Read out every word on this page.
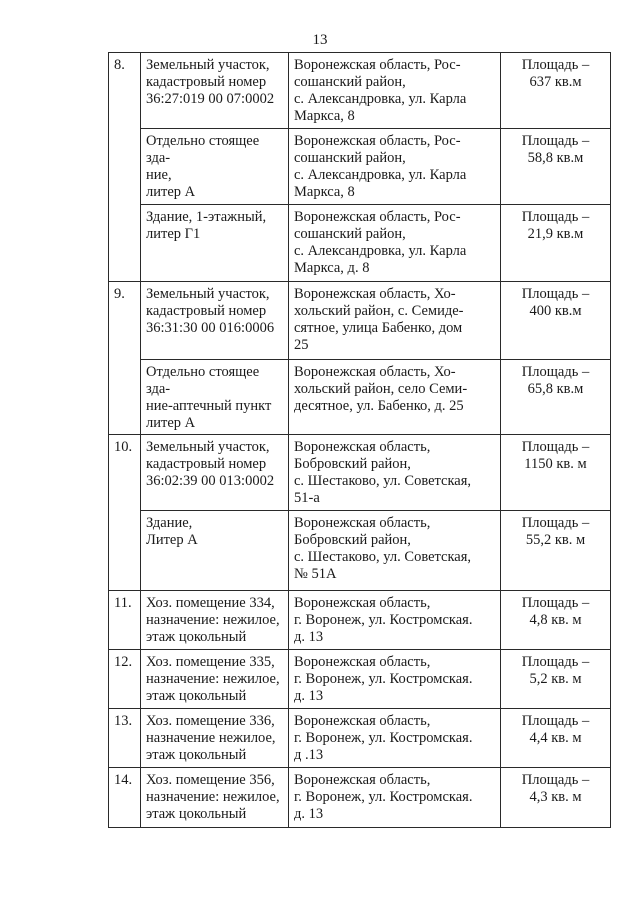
13
8.	Земельный участок,
кадастровый номер
36:27:019 00 07:0002	Воронежская область, Рос-
сошанский район,
с. Александровка, ул. Карла
Маркса, 8	Площадь –
637 кв.м
	Отдельно стоящее зда-
ние,
литер А	Воронежская область, Рос-
сошанский район,
с. Александровка, ул. Карла
Маркса, 8	Площадь –
58,8 кв.м
	Здание, 1-этажный,
литер Г1	Воронежская область, Рос-
сошанский район,
с. Александровка, ул. Карла
Маркса, д. 8	Площадь –
21,9 кв.м
9.	Земельный участок,
кадастровый номер
36:31:30 00 016:0006	Воронежская область, Хо-
хольский район, с. Семиде-
сятное, улица Бабенко, дом
25	Площадь –
400 кв.м
	Отдельно стоящее зда-
ние-аптечный пункт
литер А	Воронежская область, Хо-
хольский район, село Семи-
десятное, ул. Бабенко, д. 25	Площадь –
65,8 кв.м
10.	Земельный участок,
кадастровый номер
36:02:39 00 013:0002	Воронежская область,
Бобровский район,
с. Шестаково, ул. Советская,
51-а	Площадь –
1150 кв. м
	Здание,
Литер А	Воронежская область,
Бобровский район,
с. Шестаково, ул. Советская,
№ 51А	Площадь –
55,2 кв. м
11.	Хоз. помещение 334,
назначение: нежилое,
этаж цокольный	Воронежская область,
г. Воронеж, ул. Костромская.
д. 13	Площадь –
4,8 кв. м
12.	Хоз. помещение 335,
назначение: нежилое,
этаж цокольный	Воронежская область,
г. Воронеж, ул. Костромская.
д. 13	Площадь –
5,2 кв. м
13.	Хоз. помещение 336,
назначение нежилое,
этаж цокольный	Воронежская область,
г. Воронеж, ул. Костромская.
д .13	Площадь –
4,4 кв. м
14.	Хоз. помещение 356,
назначение: нежилое,
этаж цокольный	Воронежская область,
г. Воронеж, ул. Костромская.
д. 13	Площадь –
4,3 кв. м
